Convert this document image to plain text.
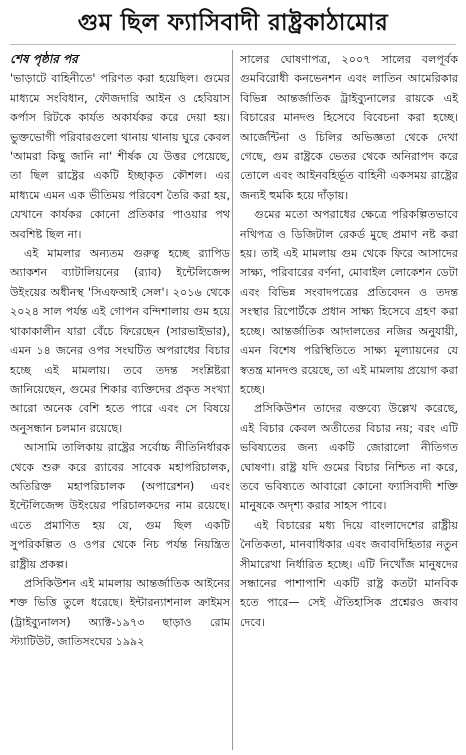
গুম ছিল ফ্যাসিবাদী রাষ্ট্রকাঠামোর
শেষ পৃষ্ঠার পর

'ভাড়াটে বাহিনীতে' পরিণত করা হয়েছিল। গুমের মাধ্যমে সংবিধান, ফৌজদারি আইন ও হেবিয়াস কর্পাস রিটকে কার্যত অকার্যকর করে দেয়া হয়। ভুক্তভোগী পরিবারগুলো থানায় থানায় ঘুরে কেবল 'আমরা কিছু জানি না' শীর্ষক যে উত্তর পেয়েছে, তা ছিল রাষ্ট্রের একটি ইচ্ছাকৃত কৌশল। এর মাধ্যমে এমন এক ভীতিময় পরিবেশ তৈরি করা হয়, যেখানে কার্যকর কোনো প্রতিকার পাওয়ার পথ অবশিষ্ট ছিল না।

এই মামলার অন্যতম গুরুত্ব হচ্ছে র‌্যাপিড অ্যাকশন ব্যাটালিয়নের (র‌্যাব) ইন্টেলিজেন্স উইংয়ের অধীনস্থ 'সিএফআই সেল'। ২০১৬ থেকে ২০২৪ সাল পর্যন্ত এই গোপন বন্দিশালায় গুম হয়ে থাকাকালীন যারা বেঁচে ফিরেছেন (সারভাইভার), এমন ১৪ জনের ওপর সংঘটিত অপরাধের বিচার হচ্ছে এই মামলায়। তবে তদন্ত সংশ্লিষ্টরা জানিয়েছেন, গুমের শিকার ব্যক্তিদের প্রকৃত সংখ্যা আরো অনেক বেশি হতে পারে এবং সে বিষয়ে অনুসন্ধান চলমান রয়েছে।

আসামি তালিকায় রাষ্ট্রের সর্বোচ্চ নীতিনির্ধারক থেকে শুরু করে র‌্যাবের সাবেক মহাপরিচালক, অতিরিক্ত মহাপরিচালক (অপারেশন) এবং ইন্টেলিজেন্স উইংয়ের পরিচালকদের নাম রয়েছে। এতে প্রমাণিত হয় যে, গুম ছিল একটি সুপরিকল্পিত ও ওপর থেকে নিচ পর্যন্ত নিয়ন্ত্রিত রাষ্ট্রীয় প্রকল্প।

প্রসিকিউশন এই মামলায় আন্তর্জাতিক আইনের শক্ত ভিত্তি তুলে ধরেছে। ইন্টারন্যাশনাল ক্রাইমস (ট্রাইব্যুনালস) অ্যাক্ট-১৯৭৩ ছাড়াও রোম স্ট্যাটিউট, জাতিসংঘের ১৯৯২

সালের ঘোষণাপত্র, ২০০৭ সালের বলপূর্বক গুমবিরোধী কনভেনশন এবং লাতিন আমেরিকার বিভিন্ন আন্তর্জাতিক ট্রাইব্যুনালের রায়কে এই বিচারের মানদণ্ড হিসেবে বিবেচনা করা হচ্ছে। আর্জেন্টিনা ও চিলির অভিজ্ঞতা থেকে দেখা গেছে, গুম রাষ্ট্রকে ভেতর থেকে অনিরাপদ করে তোলে এবং আইনবহির্ভূত বাহিনী একসময় রাষ্ট্রের জন্যই হুমকি হয়ে দাঁড়ায়।

গুমের মতো অপরাধের ক্ষেত্রে পরিকল্পিতভাবে নথিপত্র ও ডিজিটাল রেকর্ড মুছে প্রমাণ নষ্ট করা হয়। তাই এই মামলায় গুম থেকে ফিরে আসাদের সাক্ষ্য, পরিবারের বর্ণনা, মোবাইল লোকেশন ডেটা এবং বিভিন্ন সংবাদপত্রের প্রতিবেদন ও তদন্ত সংস্থার রিপোর্টকে প্রধান সাক্ষ্য হিসেবে গ্রহণ করা হচ্ছে। আন্তর্জাতিক আদালতের নজির অনুযায়ী, এমন বিশেষ পরিস্থিতিতে সাক্ষ্য মূল্যায়নের যে স্বতন্ত্র মানদণ্ড রয়েছে, তা এই মামলায় প্রয়োগ করা হচ্ছে।

প্রসিকিউশন তাদের বক্তব্যে উল্লেখ করেছে, এই বিচার কেবল অতীতের বিচার নয়; বরং এটি ভবিষ্যতের জন্য একটি জোরালো নীতিগত ঘোষণা। রাষ্ট্র যদি গুমের বিচার নিশ্চিত না করে, তবে ভবিষ্যতে আবারো কোনো ফ্যাসিবাদী শক্তি মানুষকে অদৃশ্য করার সাহস পাবে।

এই বিচারের মধ্য দিয়ে বাংলাদেশের রাষ্ট্রীয় নৈতিকতা, মানবাধিকার এবং জবাবদিহিতার নতুন সীমারেখা নির্ধারিত হচ্ছে। এটি নিখোঁজ মানুষদের সন্ধানের পাশাপাশি একটি রাষ্ট্র কতটা মানবিক হতে পারে— সেই ঐতিহাসিক প্রশ্নেরও জবাব দেবে।
